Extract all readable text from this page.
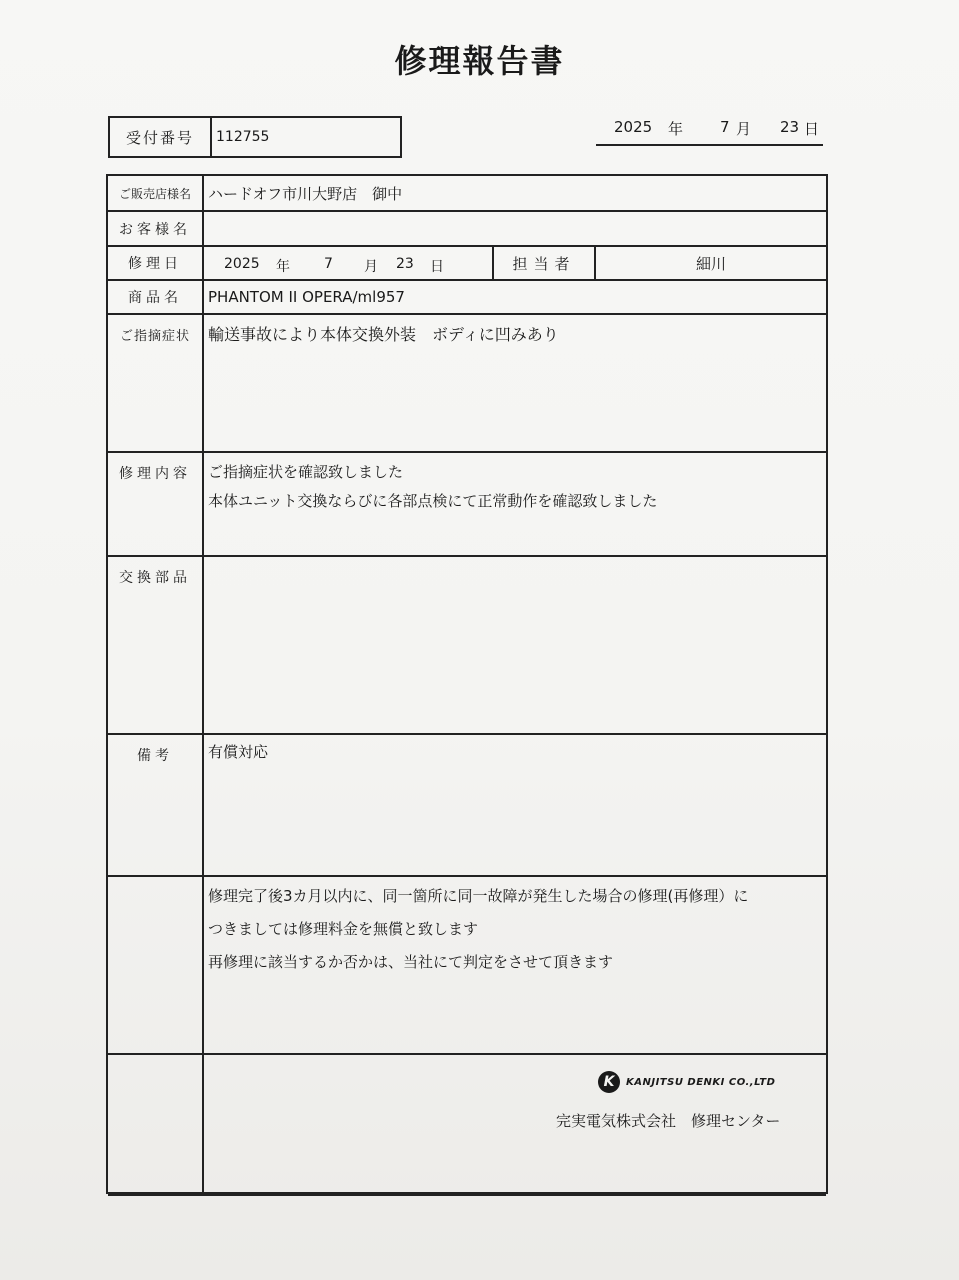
修理報告書
受付番号	112755
2025 年 7 月 23 日
ご販売店様名	ハードオフ市川大野店　御中
お客様名
修理日	2025 年 7 月 23 日	担当者	細川
商品名	PHANTOM II OPERA/ml957
ご指摘症状	輸送事故により本体交換外装　ボディに凹みあり

修理内容	ご指摘症状を確認致しました

本体ユニット交換ならびに各部点検にて正常動作を確認致しました

交換部品
備考	有償対応

修理完了後3カ月以内に、同一箇所に同一故障が発生した場合の修理(再修理）に

つきましては修理料金を無償と致します

再修理に該当するか否かは、当社にて判定をさせて頂きます

K	KANJITSU DENKI CO.,LTD
完実電気株式会社　修理センター
